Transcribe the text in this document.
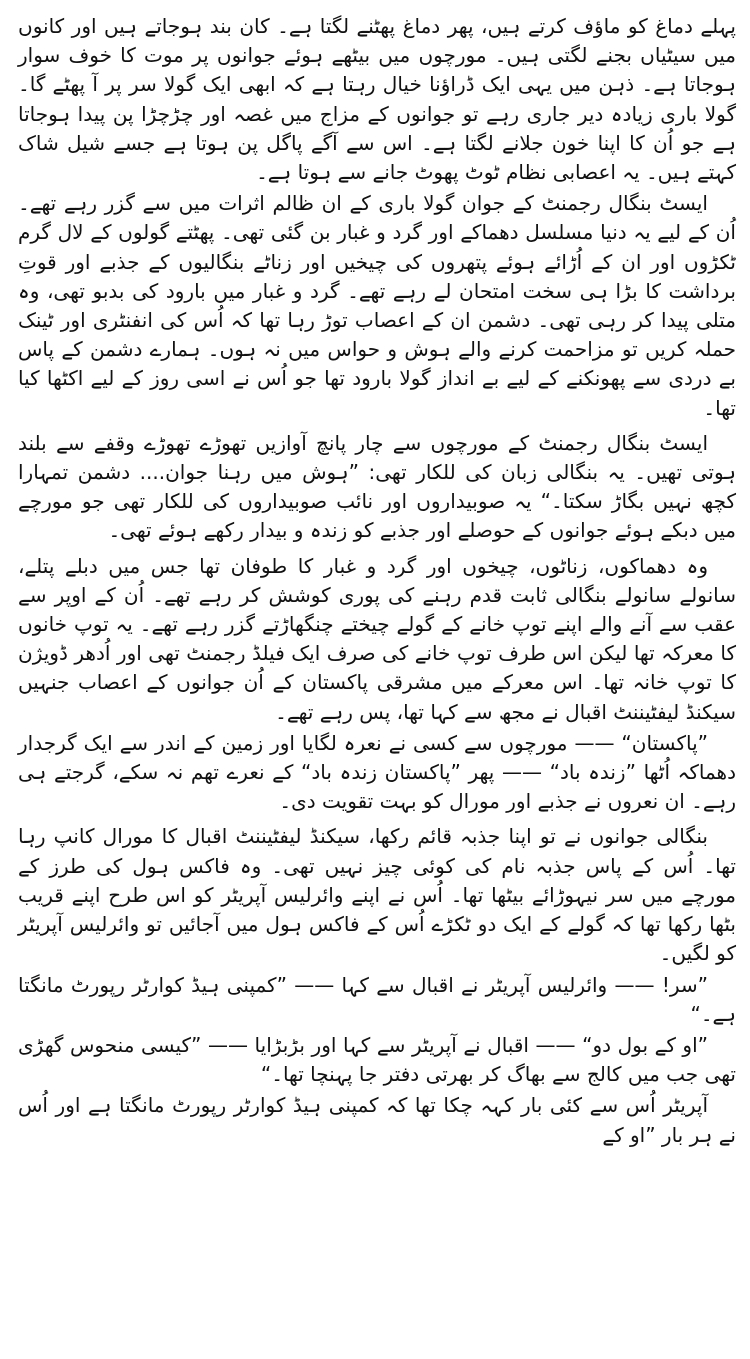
پہلے دماغ کو ماؤف کرتے ہیں، پھر دماغ پھٹنے لگتا ہے۔ کان بند ہوجاتے ہیں اور کانوں میں سیٹیاں بجنے لگتی ہیں۔ مورچوں میں بیٹھے ہوئے جوانوں پر موت کا خوف سوار ہوجاتا ہے۔ ذہن میں یہی ایک ڈراؤنا خیال رہتا ہے کہ ابھی ایک گولا سر پر آ پھٹے گا۔ گولا باری زیادہ دیر جاری رہے تو جوانوں کے مزاج میں غصہ اور چڑچڑا پن پیدا ہوجاتا ہے جو اُن کا اپنا خون جلانے لگتا ہے۔ اس سے آگے پاگل پن ہوتا ہے جسے شیل شاک کہتے ہیں۔ یہ اعصابی نظام ٹوٹ پھوٹ جانے سے ہوتا ہے۔

ایسٹ بنگال رجمنٹ کے جوان گولا باری کے ان ظالم اثرات میں سے گزر رہے تھے۔ اُن کے لیے یہ دنیا مسلسل دھماکے اور گرد و غبار بن گئی تھی۔ پھٹتے گولوں کے لال گرم ٹکڑوں اور ان کے اُڑائے ہوئے پتھروں کی چیخیں اور زناٹے بنگالیوں کے جذبے اور قوتِ برداشت کا بڑا ہی سخت امتحان لے رہے تھے۔ گرد و غبار میں بارود کی بدبو تھی، وہ متلی پیدا کر رہی تھی۔ دشمن ان کے اعصاب توڑ رہا تھا کہ اُس کی انفنٹری اور ٹینک حملہ کریں تو مزاحمت کرنے والے ہوش و حواس میں نہ ہوں۔ ہمارے دشمن کے پاس بے دردی سے پھونکنے کے لیے بے انداز گولا بارود تھا جو اُس نے اسی روز کے لیے اکٹھا کیا تھا۔

ایسٹ بنگال رجمنٹ کے مورچوں سے چار پانچ آوازیں تھوڑے تھوڑے وقفے سے بلند ہوتی تھیں۔ یہ بنگالی زبان کی للکار تھی: ”ہوش میں رہنا جوان.... دشمن تمہارا کچھ نہیں بگاڑ سکتا۔“ یہ صوبیداروں اور نائب صوبیداروں کی للکار تھی جو مورچے میں دبکے ہوئے جوانوں کے حوصلے اور جذبے کو زندہ و بیدار رکھے ہوئے تھی۔

وہ دھماکوں، زناٹوں، چیخوں اور گرد و غبار کا طوفان تھا جس میں دبلے پتلے، سانولے سانولے بنگالی ثابت قدم رہنے کی پوری کوشش کر رہے تھے۔ اُن کے اوپر سے عقب سے آنے والے اپنے توپ خانے کے گولے چیختے چنگھاڑتے گزر رہے تھے۔ یہ توپ خانوں کا معرکہ تھا لیکن اس طرف توپ خانے کی صرف ایک فیلڈ رجمنٹ تھی اور اُدھر ڈویژن کا توپ خانہ تھا۔ اس معرکے میں مشرقی پاکستان کے اُن جوانوں کے اعصاب جنہیں سیکنڈ لیفٹیننٹ اقبال نے مجھ سے کہا تھا، پس رہے تھے۔

”پاکستان“ —— مورچوں سے کسی نے نعرہ لگایا اور زمین کے اندر سے ایک گرجدار دھماکہ اُٹھا ”زندہ باد“ —— پھر ”پاکستان زندہ باد“ کے نعرے تھم نہ سکے، گرجتے ہی رہے۔ ان نعروں نے جذبے اور مورال کو بہت تقویت دی۔

بنگالی جوانوں نے تو اپنا جذبہ قائم رکھا، سیکنڈ لیفٹیننٹ اقبال کا مورال کانپ رہا تھا۔ اُس کے پاس جذبہ نام کی کوئی چیز نہیں تھی۔ وہ فاکس ہول کی طرز کے مورچے میں سر نیہوڑائے بیٹھا تھا۔ اُس نے اپنے وائرلیس آپریٹر کو اس طرح اپنے قریب بٹھا رکھا تھا کہ گولے کے ایک دو ٹکڑے اُس کے فاکس ہول میں آجائیں تو وائرلیس آپریٹر کو لگیں۔

”سر! —— وائرلیس آپریٹر نے اقبال سے کہا —— ”کمپنی ہیڈ کوارٹر رپورٹ مانگتا ہے۔“

”او کے بول دو“ —— اقبال نے آپریٹر سے کہا اور بڑبڑایا —— ”کیسی منحوس گھڑی تھی جب میں کالج سے بھاگ کر بھرتی دفتر جا پہنچا تھا۔“

آپریٹر اُس سے کئی بار کہہ چکا تھا کہ کمپنی ہیڈ کوارٹر رپورٹ مانگتا ہے اور اُس نے ہر بار ”او کے
